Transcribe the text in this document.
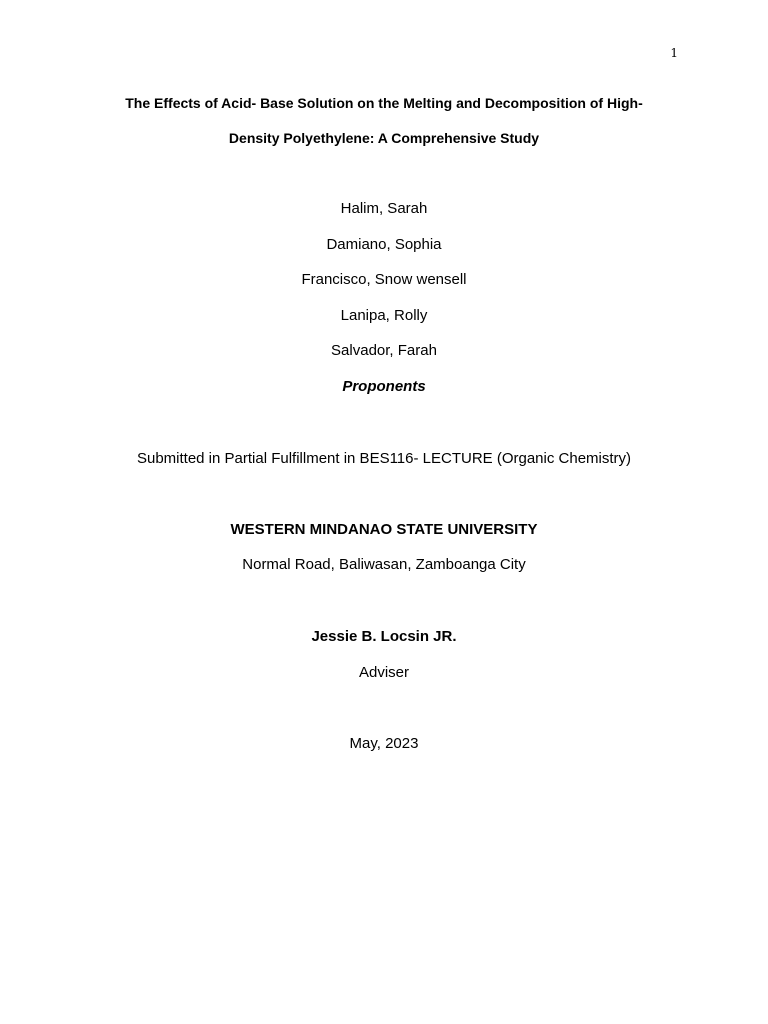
1
The Effects of Acid- Base Solution on the Melting and Decomposition of High-
Density Polyethylene: A Comprehensive Study
Halim, Sarah
Damiano, Sophia
Francisco, Snow wensell
Lanipa, Rolly
Salvador, Farah
Proponents
Submitted in Partial Fulfillment in BES116- LECTURE (Organic Chemistry)
WESTERN MINDANAO STATE UNIVERSITY
Normal Road, Baliwasan, Zamboanga City
Jessie B. Locsin JR.
Adviser
May, 2023
